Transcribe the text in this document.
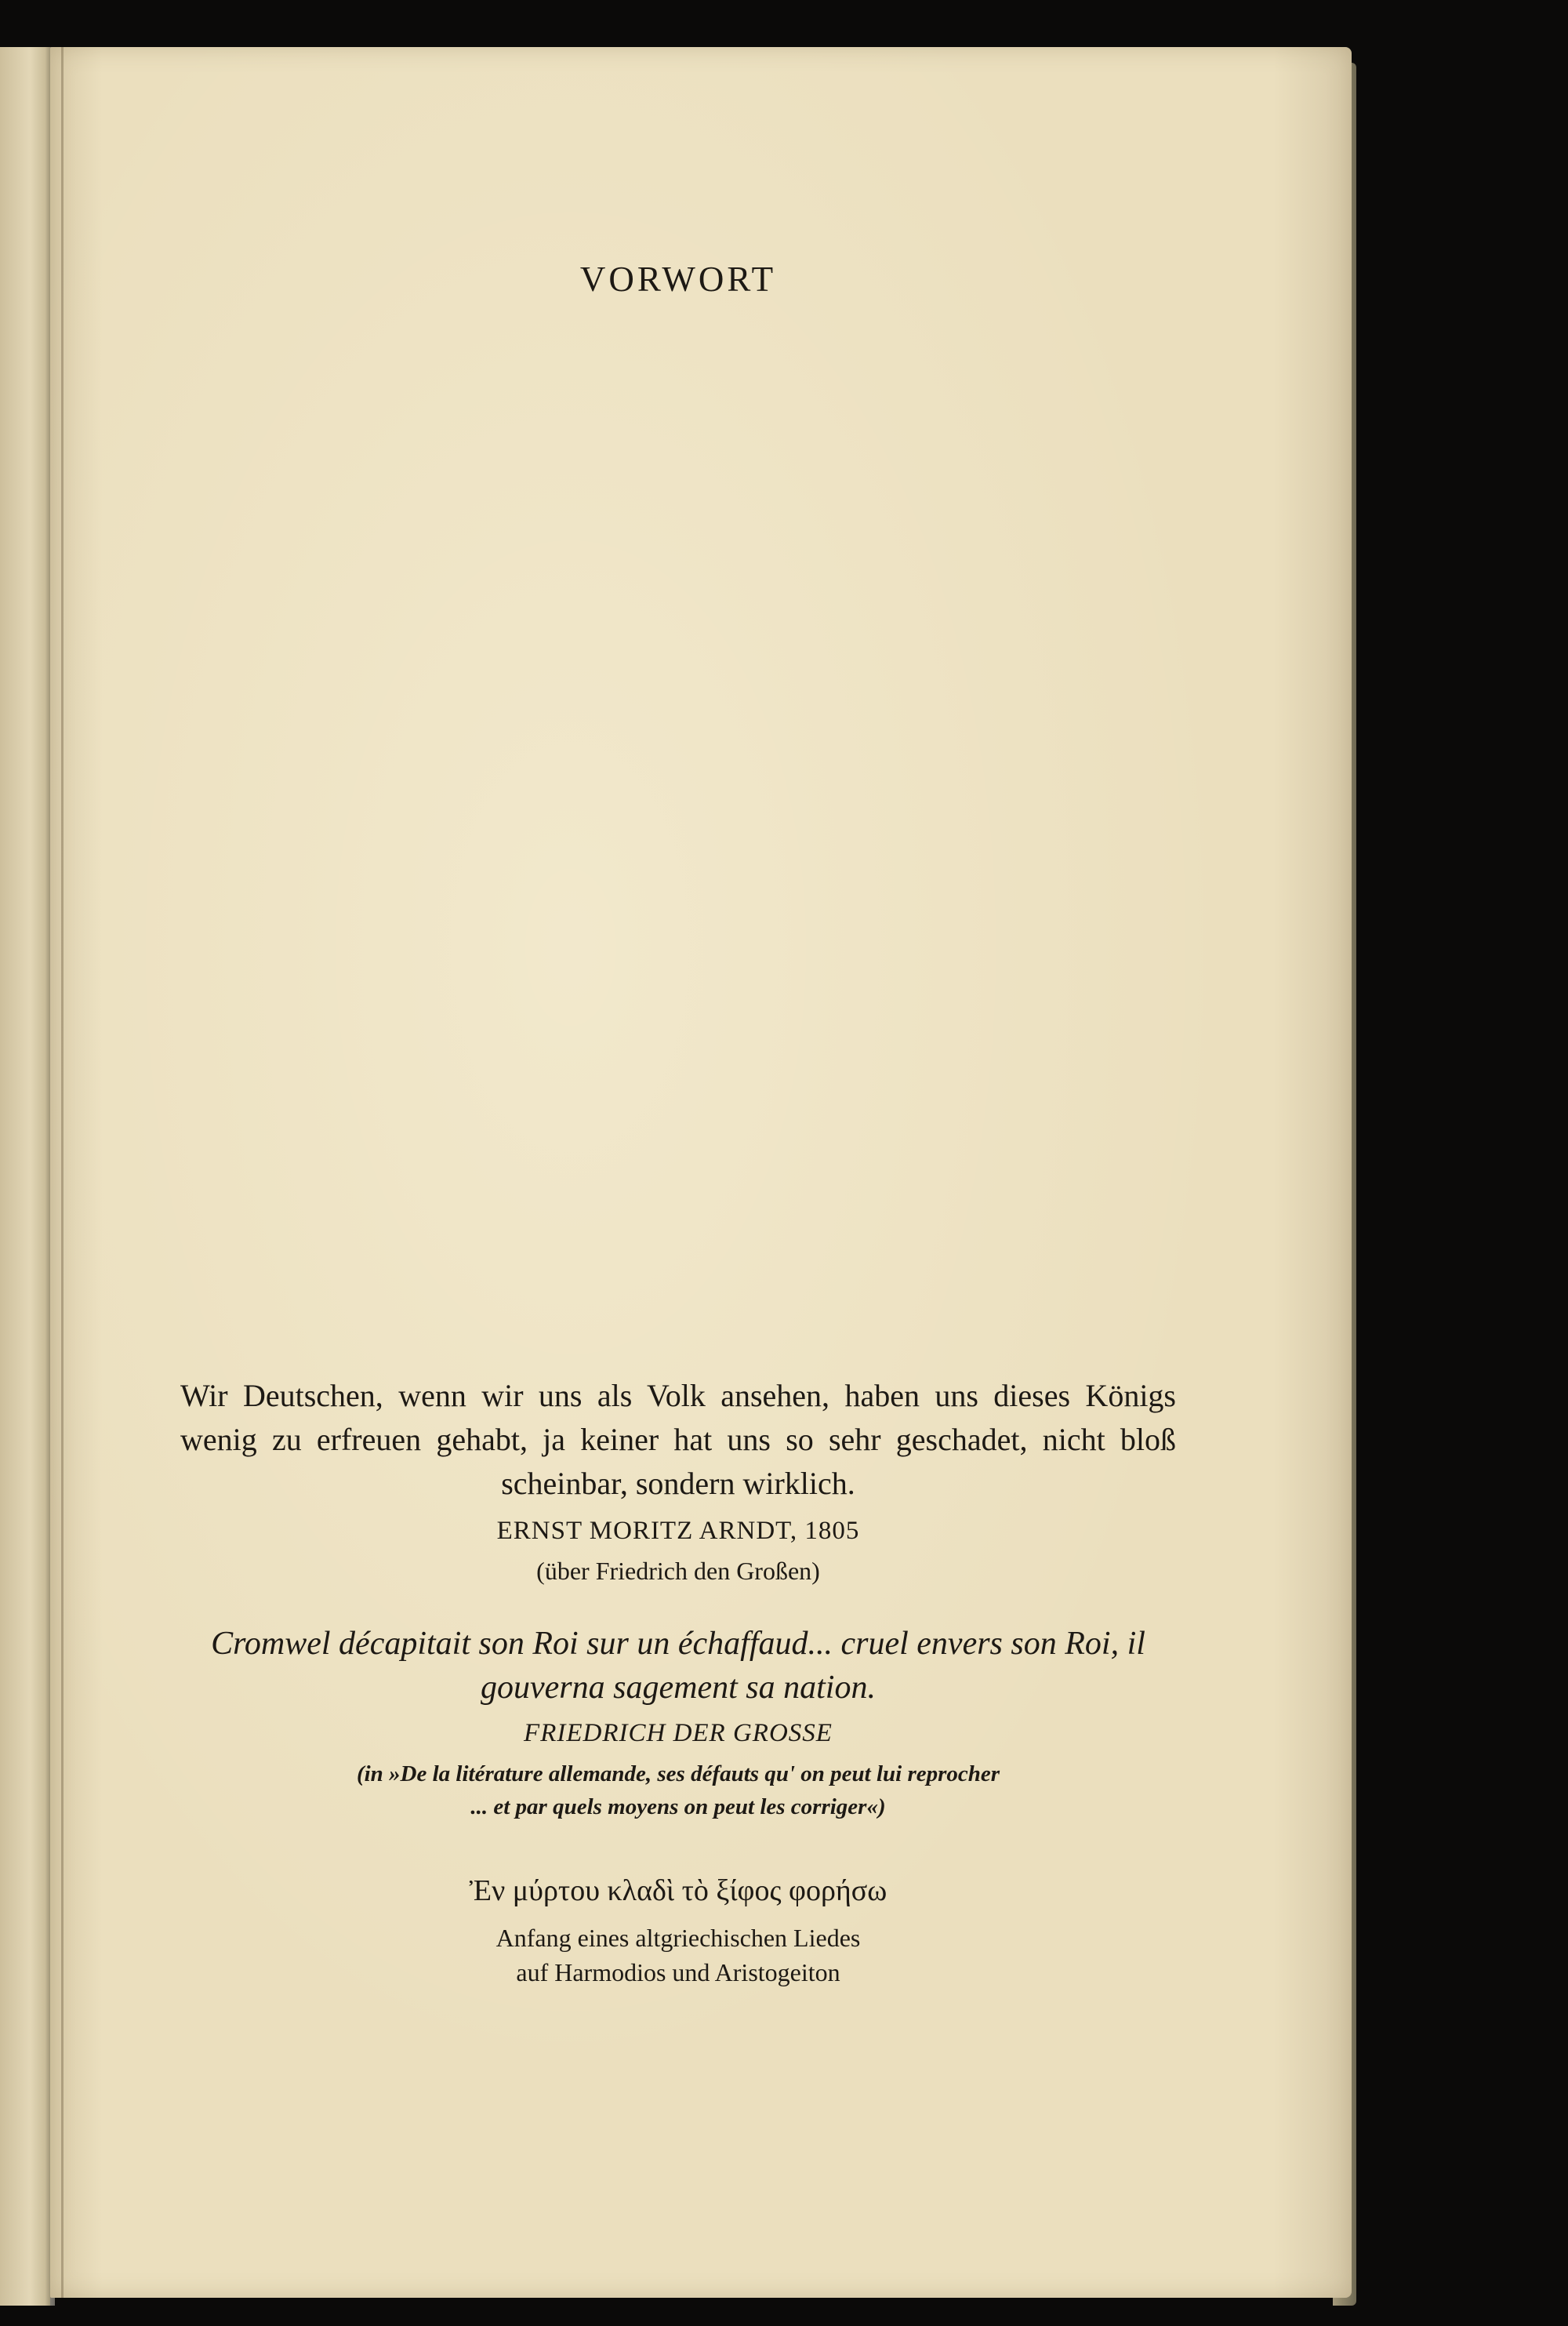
VORWORT
Wir Deutschen, wenn wir uns als Volk ansehen, haben uns dieses Königs wenig zu erfreuen gehabt, ja keiner hat uns so sehr geschadet, nicht bloß scheinbar, sondern wirklich.
ERNST MORITZ ARNDT, 1805
(über Friedrich den Großen)
Cromwel décapitait son Roi sur un échaffaud... cruel envers son Roi, il gouverna sagement sa nation.
FRIEDRICH DER GROSSE
(in »De la litérature allemande, ses défauts qu' on peut lui reprocher
... et par quels moyens on peut les corriger«)
Ἐν μύρτου κλαδὶ τὸ ξίφος φορήσω
Anfang eines altgriechischen Liedes
auf Harmodios und Aristogeiton
